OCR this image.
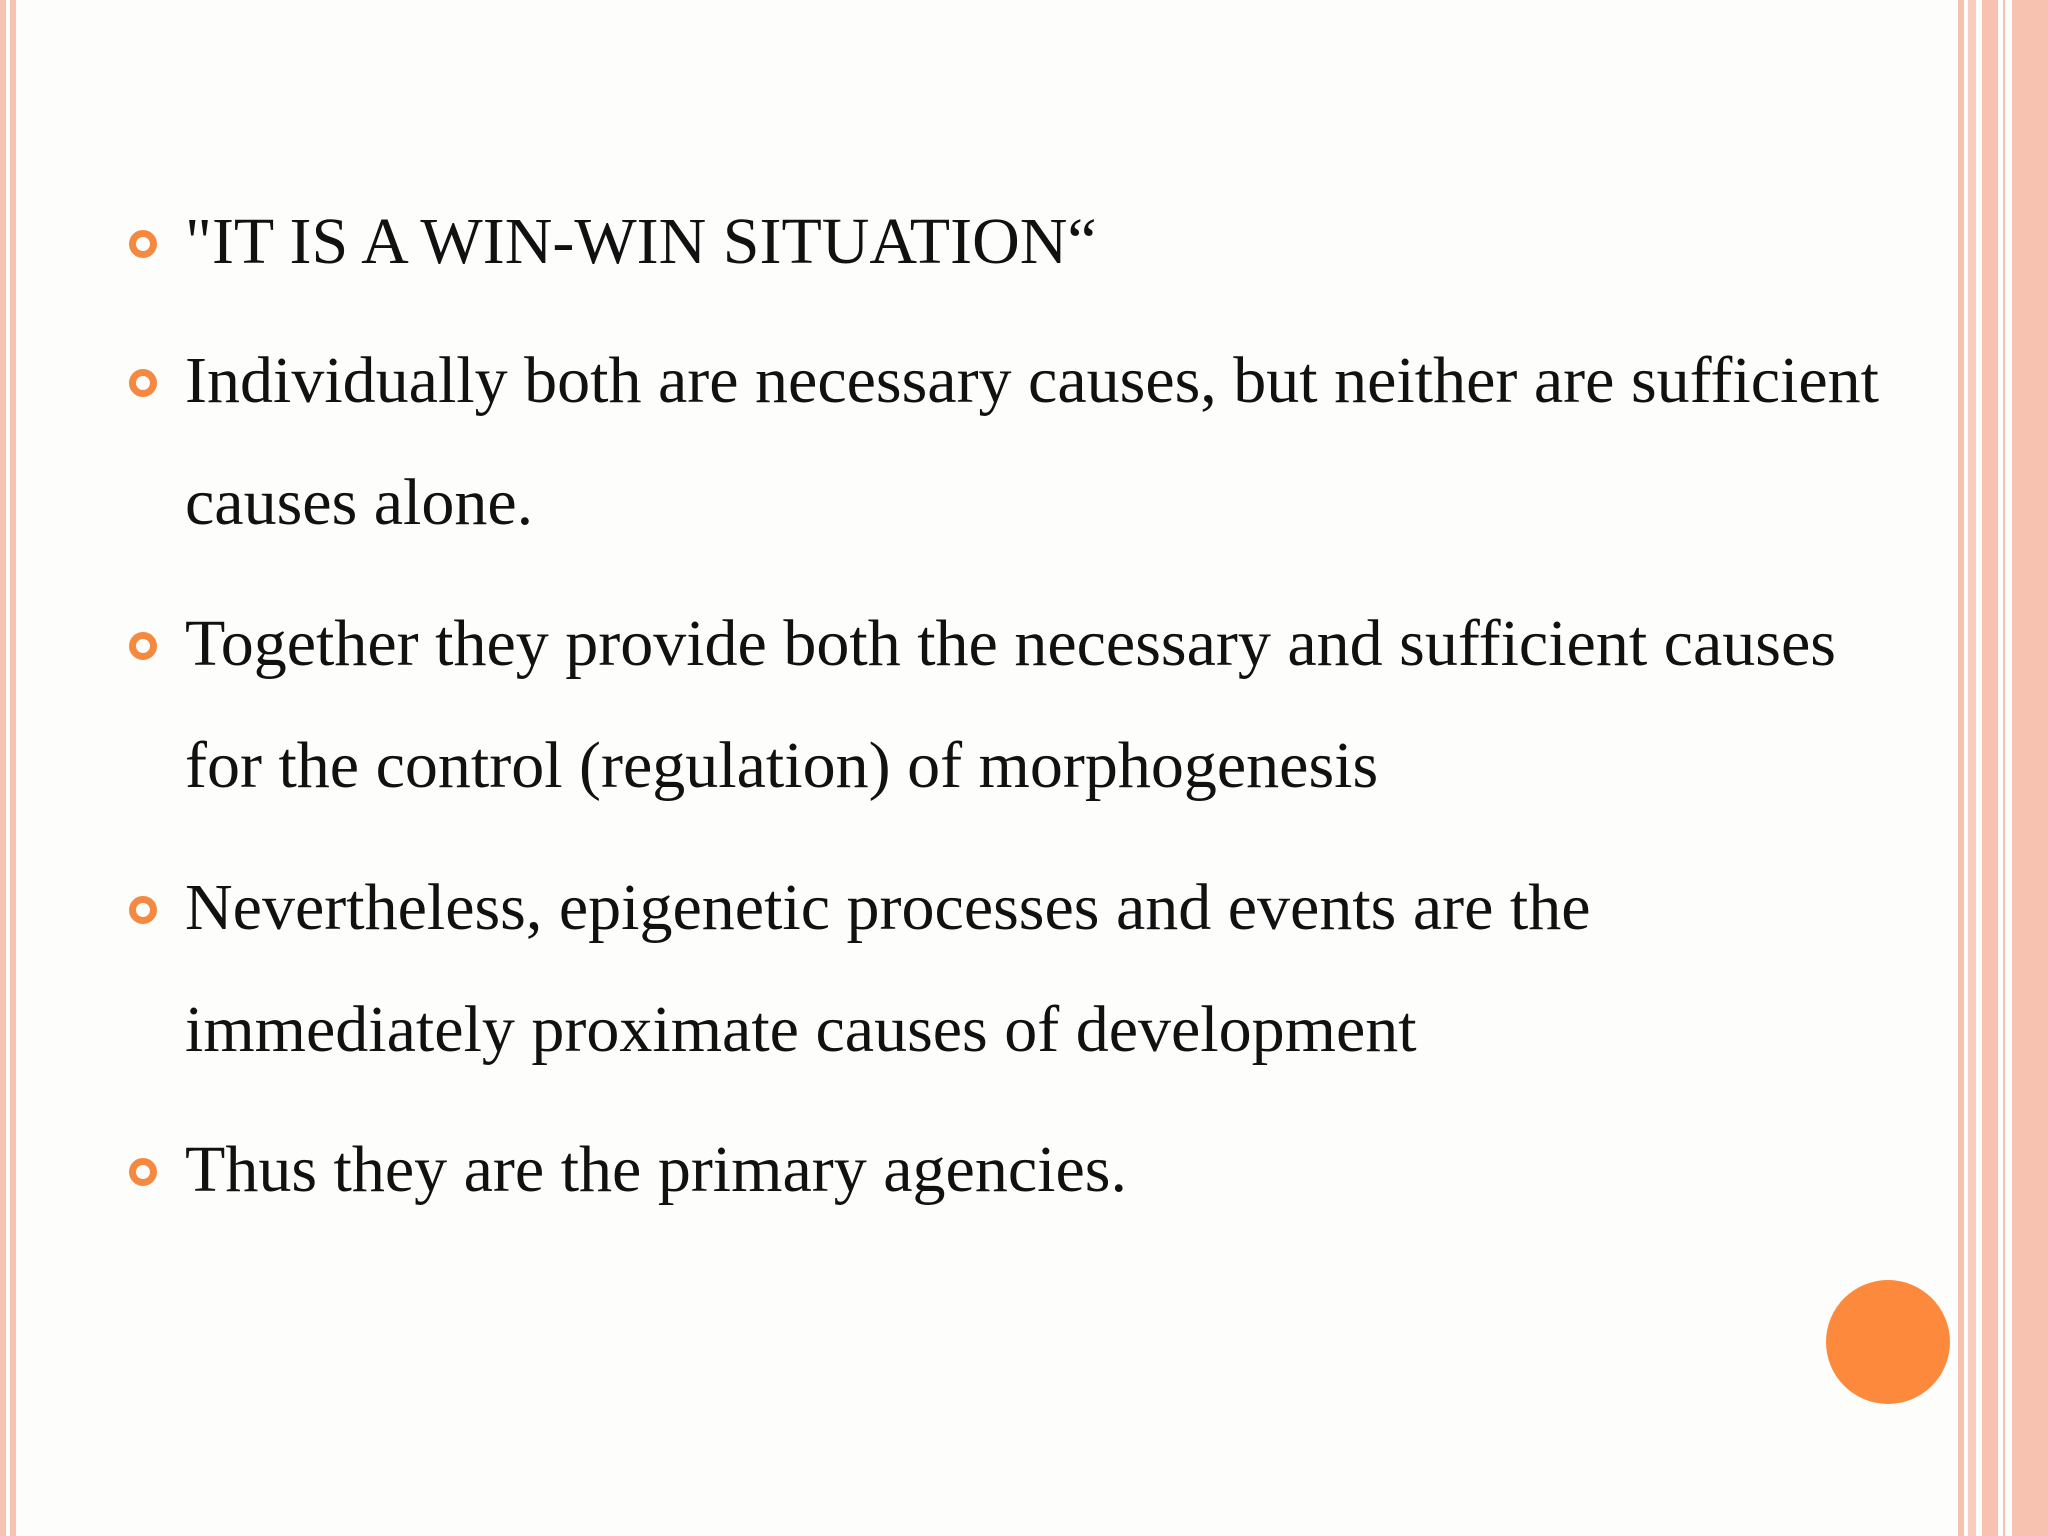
"IT IS A WIN-WIN SITUATION“
Individually both are necessary causes, but neither are sufficient causes alone.
Together they provide both the necessary and sufficient causes for the control (regulation) of morphogenesis
Nevertheless, epigenetic processes and events are the immediately proximate causes of development
Thus they are the primary agencies.
